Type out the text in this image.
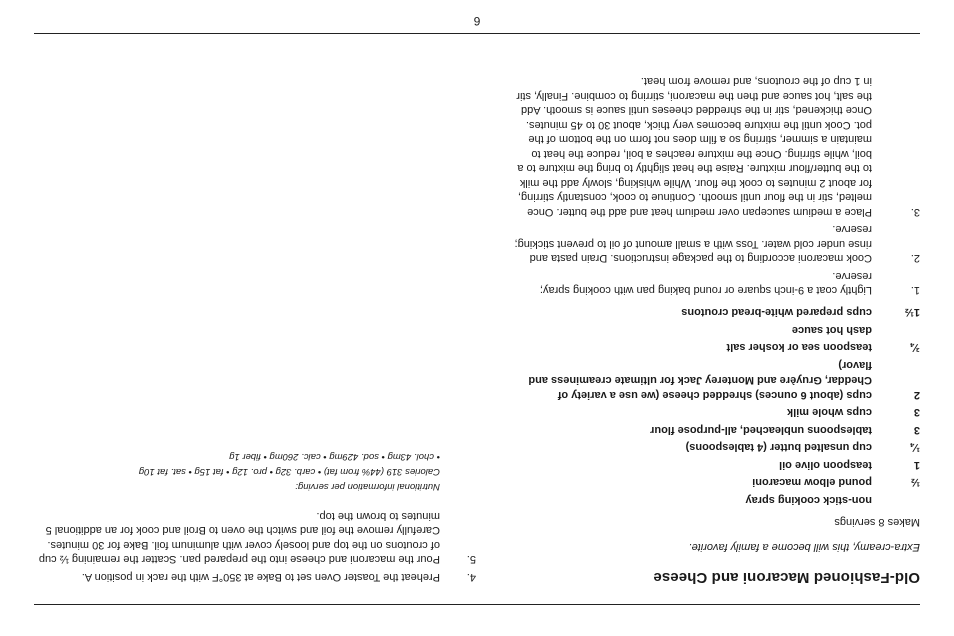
6
Old-Fashioned Macaroni and Cheese
Extra-creamy, this will become a family favorite.
Makes 8 servings
non-stick cooking spray
½
pound elbow macaroni
1
teaspoon olive oil
¼
cup unsalted butter (4 tablespoons)
3
tablespoons unbleached, all-purpose flour
3
cups whole milk
2
cups (about 6 ounces) shredded cheese (we use a variety of Cheddar, Gruyère and Monterey Jack for ultimate creaminess and flavor)
¾
teaspoon sea or kosher salt
dash hot sauce
1½
cups prepared white-bread croutons
1.
Lightly coat a 9-inch square or round baking pan with cooking spray; reserve.
2.
Cook macaroni according to the package instructions. Drain pasta and rinse under cold water. Toss with a small amount of oil to prevent sticking; reserve.
3.
Place a medium saucepan over medium heat and add the butter. Once melted, stir in the flour until smooth. Continue to cook, constantly stirring, for about 2 minutes to cook the flour. While whisking, slowly add the milk to the butter/flour mixture. Raise the heat slightly to bring the mixture to a boil, while stirring. Once the mixture reaches a boil, reduce the heat to maintain a simmer, stirring so a film does not form on the bottom of the pot. Cook until the mixture becomes very thick, about 30 to 45 minutes. Once thickened, stir in the shredded cheeses until sauce is smooth. Add the salt, hot sauce and then the macaroni, stirring to combine. Finally, stir in 1 cup of the croutons, and remove from heat.
4.
Preheat the Toaster Oven set to Bake at 350°F with the rack in position A.
5.
Pour the macaroni and cheese into the prepared pan. Scatter the remaining ½ cup of croutons on the top and loosely cover with aluminum foil. Bake for 30 minutes. Carefully remove the foil and switch the oven to Broil and cook for an additional 5 minutes to brown the top.
Nutritional information per serving:
Calories 319 (44% from fat) • carb. 32g • pro. 12g • fat 15g • sat. fat 10g
• chol. 43mg • sod. 429mg • calc. 260mg • fiber 1g
